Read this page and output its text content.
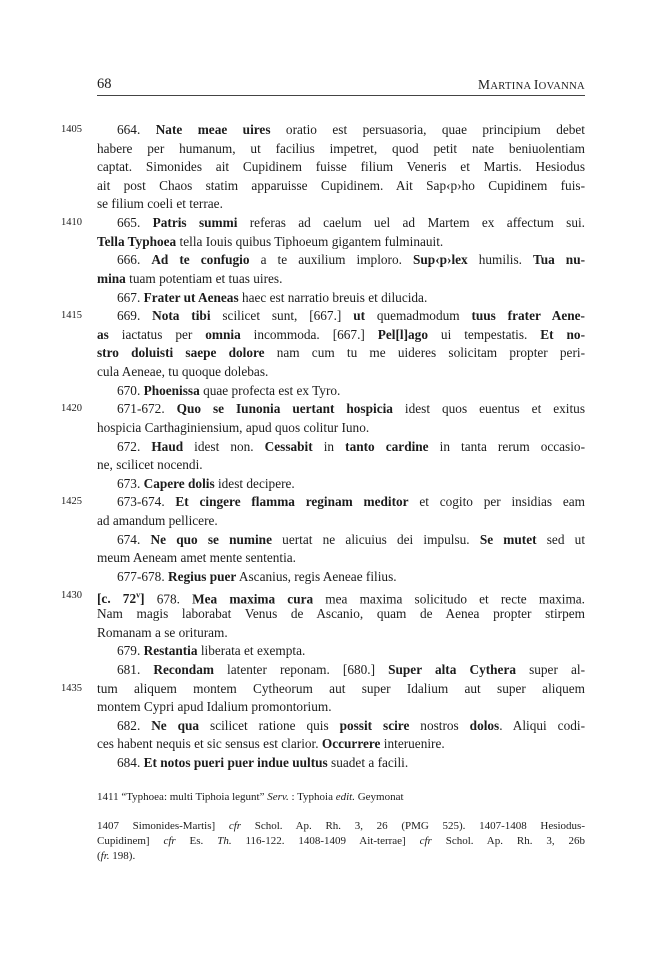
68	MARTINA IOVANNA
664. Nate meae uires oratio est persuasoria, quae principium debet
habere per humanum, ut facilius impetret, quod petit nate beniuolentiam
captat. Simonides ait Cupidinem fuisse filium Veneris et Martis. Hesiodus
ait post Chaos statim apparuisse Cupidinem. Ait Sap‹p›ho Cupidinem fuis-
se filium coeli et terrae.
665. Patris summi referas ad caelum uel ad Martem ex affectum sui.
Tella Typhoea tella Iouis quibus Tiphoeum gigantem fulminauit.
666. Ad te confugio a te auxilium imploro. Sup‹p›lex humilis. Tua nu-
mina tuam potentiam et tuas uires.
667. Frater ut Aeneas haec est narratio breuis et dilucida.
669. Nota tibi scilicet sunt, [667.] ut quemadmodum tuus frater Aene-
as iactatus per omnia incommoda. [667.] Pel[l]ago ui tempestatis. Et no-
stro doluisti saepe dolore nam cum tu me uideres solicitam propter peri-
cula Aeneae, tu quoque dolebas.
670. Phoenissa quae profecta est ex Tyro.
671-672. Quo se Iunonia uertant hospicia idest quos euentus et exitus
hospicia Carthaginiensium, apud quos colitur Iuno.
672. Haud idest non. Cessabit in tanto cardine in tanta rerum occasio-
ne, scilicet nocendi.
673. Capere dolis idest decipere.
673-674. Et cingere flamma reginam meditor et cogito per insidias eam
ad amandum pellicere.
674. Ne quo se numine uertat ne alicuius dei impulsu. Se mutet sed ut
meum Aeneam amet mente sententia.
677-678. Regius puer Ascanius, regis Aeneae filius.
[c. 72$^v$] 678. Mea maxima cura mea maxima solicitudo et recte maxima.
Nam magis laborabat Venus de Ascanio, quam de Aenea propter stirpem
Romanam a se orituram.
679. Restantia liberata et exempta.
681. Recondam latenter reponam. [680.] Super alta Cythera super al-
tum aliquem montem Cytheorum aut super Idalium aut super aliquem
montem Cypri apud Idalium promontorium.
682. Ne qua scilicet ratione quis possit scire nostros dolos. Aliqui codi-
ces habent nequis et sic sensus est clarior. Occurrere interuenire.
684. Et notos pueri puer indue uultus suadet a facili.
1405
1410
1415
1420
1425
1430
1435
1411 “Typhoea: multi Tiphoia legunt” Serv. : Typhoia edit. Geymonat
1407 Simonides-Martis] cfr Schol. Ap. Rh. 3, 26 (PMG 525). 1407-1408 Hesiodus-
Cupidinem] cfr Es. Th. 116-122. 1408-1409 Ait-terrae] cfr Schol. Ap. Rh. 3, 26b
(fr. 198).
